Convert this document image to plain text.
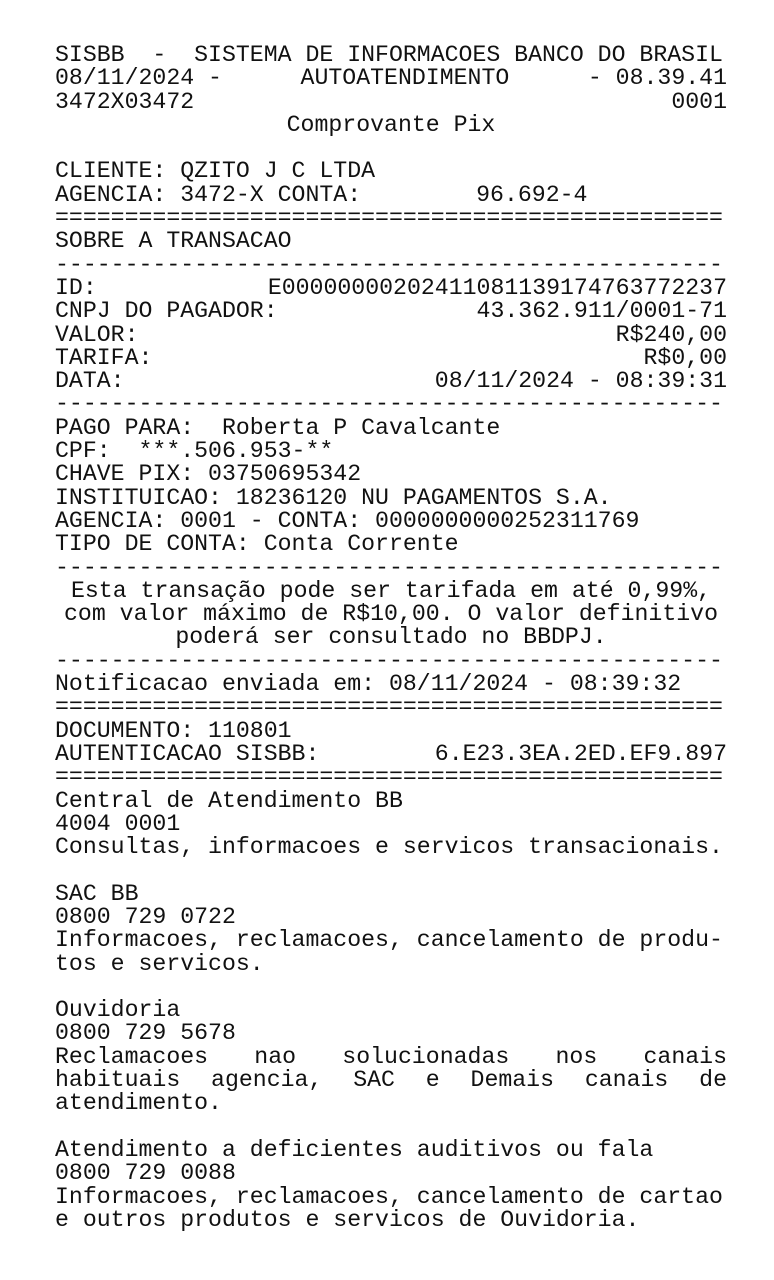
SISBB  -  SISTEMA DE INFORMACOES BANCO DO BRASIL
08/11/2024 -	AUTOATENDIMENTO	- 08.39.41
3472X03472	0001
Comprovante Pix
CLIENTE: QZITO J C LTDA
AGENCIA: 3472-X CONTA:	96.692-4
================================================
SOBRE A TRANSACAO
------------------------------------------------
ID:	E00000000202411081139174763772237
CNPJ DO PAGADOR:	43.362.911/0001-71
VALOR:	R$240,00
TARIFA:	R$0,00
DATA:	08/11/2024 - 08:39:31
------------------------------------------------
PAGO PARA:  Roberta P Cavalcante
CPF:  ***.506.953-**
CHAVE PIX: 03750695342
INSTITUICAO: 18236120 NU PAGAMENTOS S.A.
AGENCIA: 0001 - CONTA: 0000000000252311769
TIPO DE CONTA: Conta Corrente
------------------------------------------------
Esta transação pode ser tarifada em até 0,99%,
com valor máximo de R$10,00. O valor definitivo
poderá ser consultado no BBDPJ.
------------------------------------------------
Notificacao enviada em: 08/11/2024 - 08:39:32
================================================
DOCUMENTO: 110801
AUTENTICACAO SISBB:	6.E23.3EA.2ED.EF9.897
================================================
Central de Atendimento BB
4004 0001
Consultas, informacoes e servicos transacionais.
SAC BB
0800 729 0722
Informacoes, reclamacoes, cancelamento de produ-
tos e servicos.
Ouvidoria
0800 729 5678
Reclamacoes nao solucionadas nos canais
habituais agencia, SAC e Demais canais de
atendimento.
Atendimento a deficientes auditivos ou fala
0800 729 0088
Informacoes, reclamacoes, cancelamento de cartao
e outros produtos e servicos de Ouvidoria.
